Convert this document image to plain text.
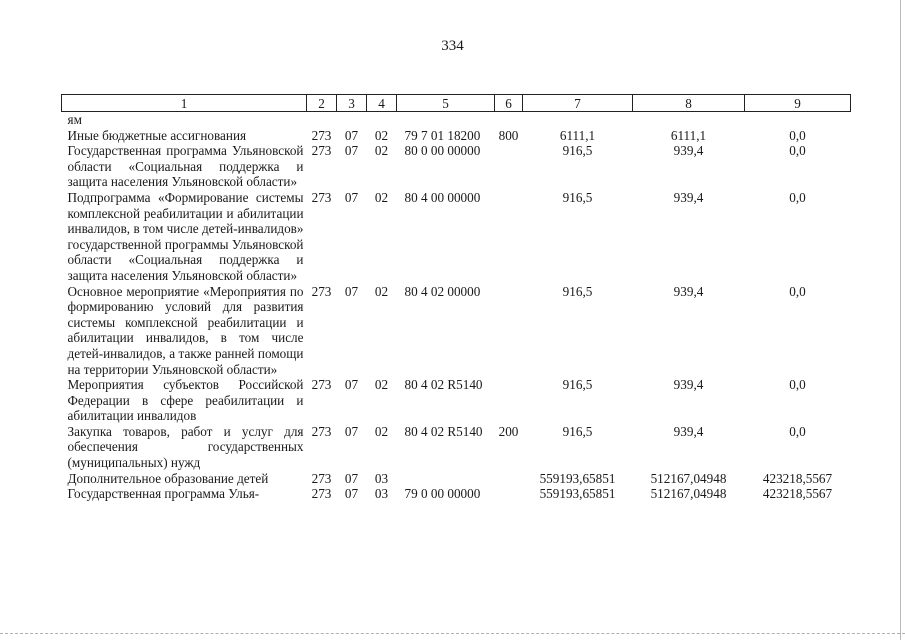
334
1	2	3	4	5	6	7	8	9
ям								
Иные бюджетные ассигнования	273	07	02	79 7 01 18200	800	6111,1	6111,1	0,0
Государственная программа Ульяновской области «Социальная поддержка и защита населения Ульяновской области»	273	07	02	80 0 00 00000		916,5	939,4	0,0
Подпрограмма «Формирование системы комплексной реабилитации и абилитации инвалидов, в том числе детей-инвалидов» государственной программы Ульяновской области «Социальная поддержка и защита населения Ульяновской области»	273	07	02	80 4 00 00000		916,5	939,4	0,0
Основное мероприятие «Мероприятия по формированию условий для развития системы комплексной реабилитации и абилитации инвалидов, в том числе детей-инвалидов, а также ранней помощи на территории Ульяновской области»	273	07	02	80 4 02 00000		916,5	939,4	0,0
Мероприятия субъектов Российской Федерации в сфере реабилитации и абилитации инвалидов	273	07	02	80 4 02 R5140		916,5	939,4	0,0
Закупка товаров, работ и услуг для обеспечения государственных (муниципальных) нужд	273	07	02	80 4 02 R5140	200	916,5	939,4	0,0
Дополнительное образование детей	273	07	03			559193,65851	512167,04948	423218,5567
Государственная программа Улья-	273	07	03	79 0 00 00000		559193,65851	512167,04948	423218,5567
